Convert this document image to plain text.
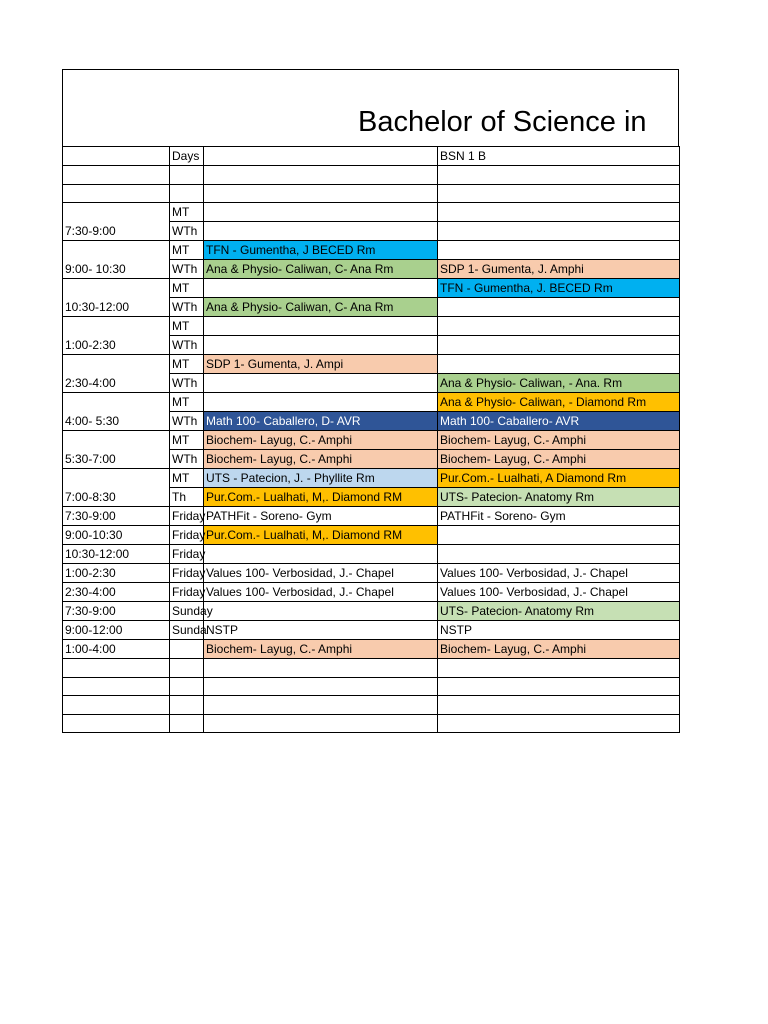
Bachelor of Science in
	Days		BSN 1 B

	MT		
7:30-9:00	WTh		
	MT	TFN - Gumentha, J BECED Rm	
9:00- 10:30	WTh	Ana & Physio- Caliwan, C- Ana Rm	SDP 1- Gumenta, J. Amphi
	MT		TFN - Gumentha, J. BECED Rm
10:30-12:00	WTh	Ana & Physio- Caliwan, C- Ana Rm	
	MT		
1:00-2:30	WTh		
	MT	SDP 1- Gumenta, J. Ampi	
2:30-4:00	WTh		Ana & Physio- Caliwan, - Ana. Rm
	MT		Ana & Physio- Caliwan, - Diamond Rm
4:00- 5:30	WTh	Math 100- Caballero, D- AVR	Math 100- Caballero- AVR
	MT	Biochem- Layug, C.- Amphi	Biochem- Layug, C.- Amphi
5:30-7:00	WTh	Biochem- Layug, C.- Amphi	Biochem- Layug, C.- Amphi
	MT	UTS - Patecion, J. - Phyllite Rm	Pur.Com.- Lualhati, A Diamond Rm
7:00-8:30	Th	Pur.Com.- Lualhati, M,. Diamond RM	UTS- Patecion- Anatomy Rm
7:30-9:00	Friday	PATHFit - Soreno- Gym	PATHFit - Soreno- Gym
9:00-10:30	Friday	Pur.Com.- Lualhati, M,. Diamond RM	
10:30-12:00	Friday		
1:00-2:30	Friday	Values 100- Verbosidad, J.- Chapel	Values 100- Verbosidad, J.- Chapel
2:30-4:00	Friday	Values 100- Verbosidad, J.- Chapel	Values 100- Verbosidad, J.- Chapel
7:30-9:00	Sunday		UTS- Patecion- Anatomy Rm
9:00-12:00	Sunda	NSTP	NSTP
1:00-4:00		Biochem- Layug, C.- Amphi	Biochem- Layug, C.- Amphi
